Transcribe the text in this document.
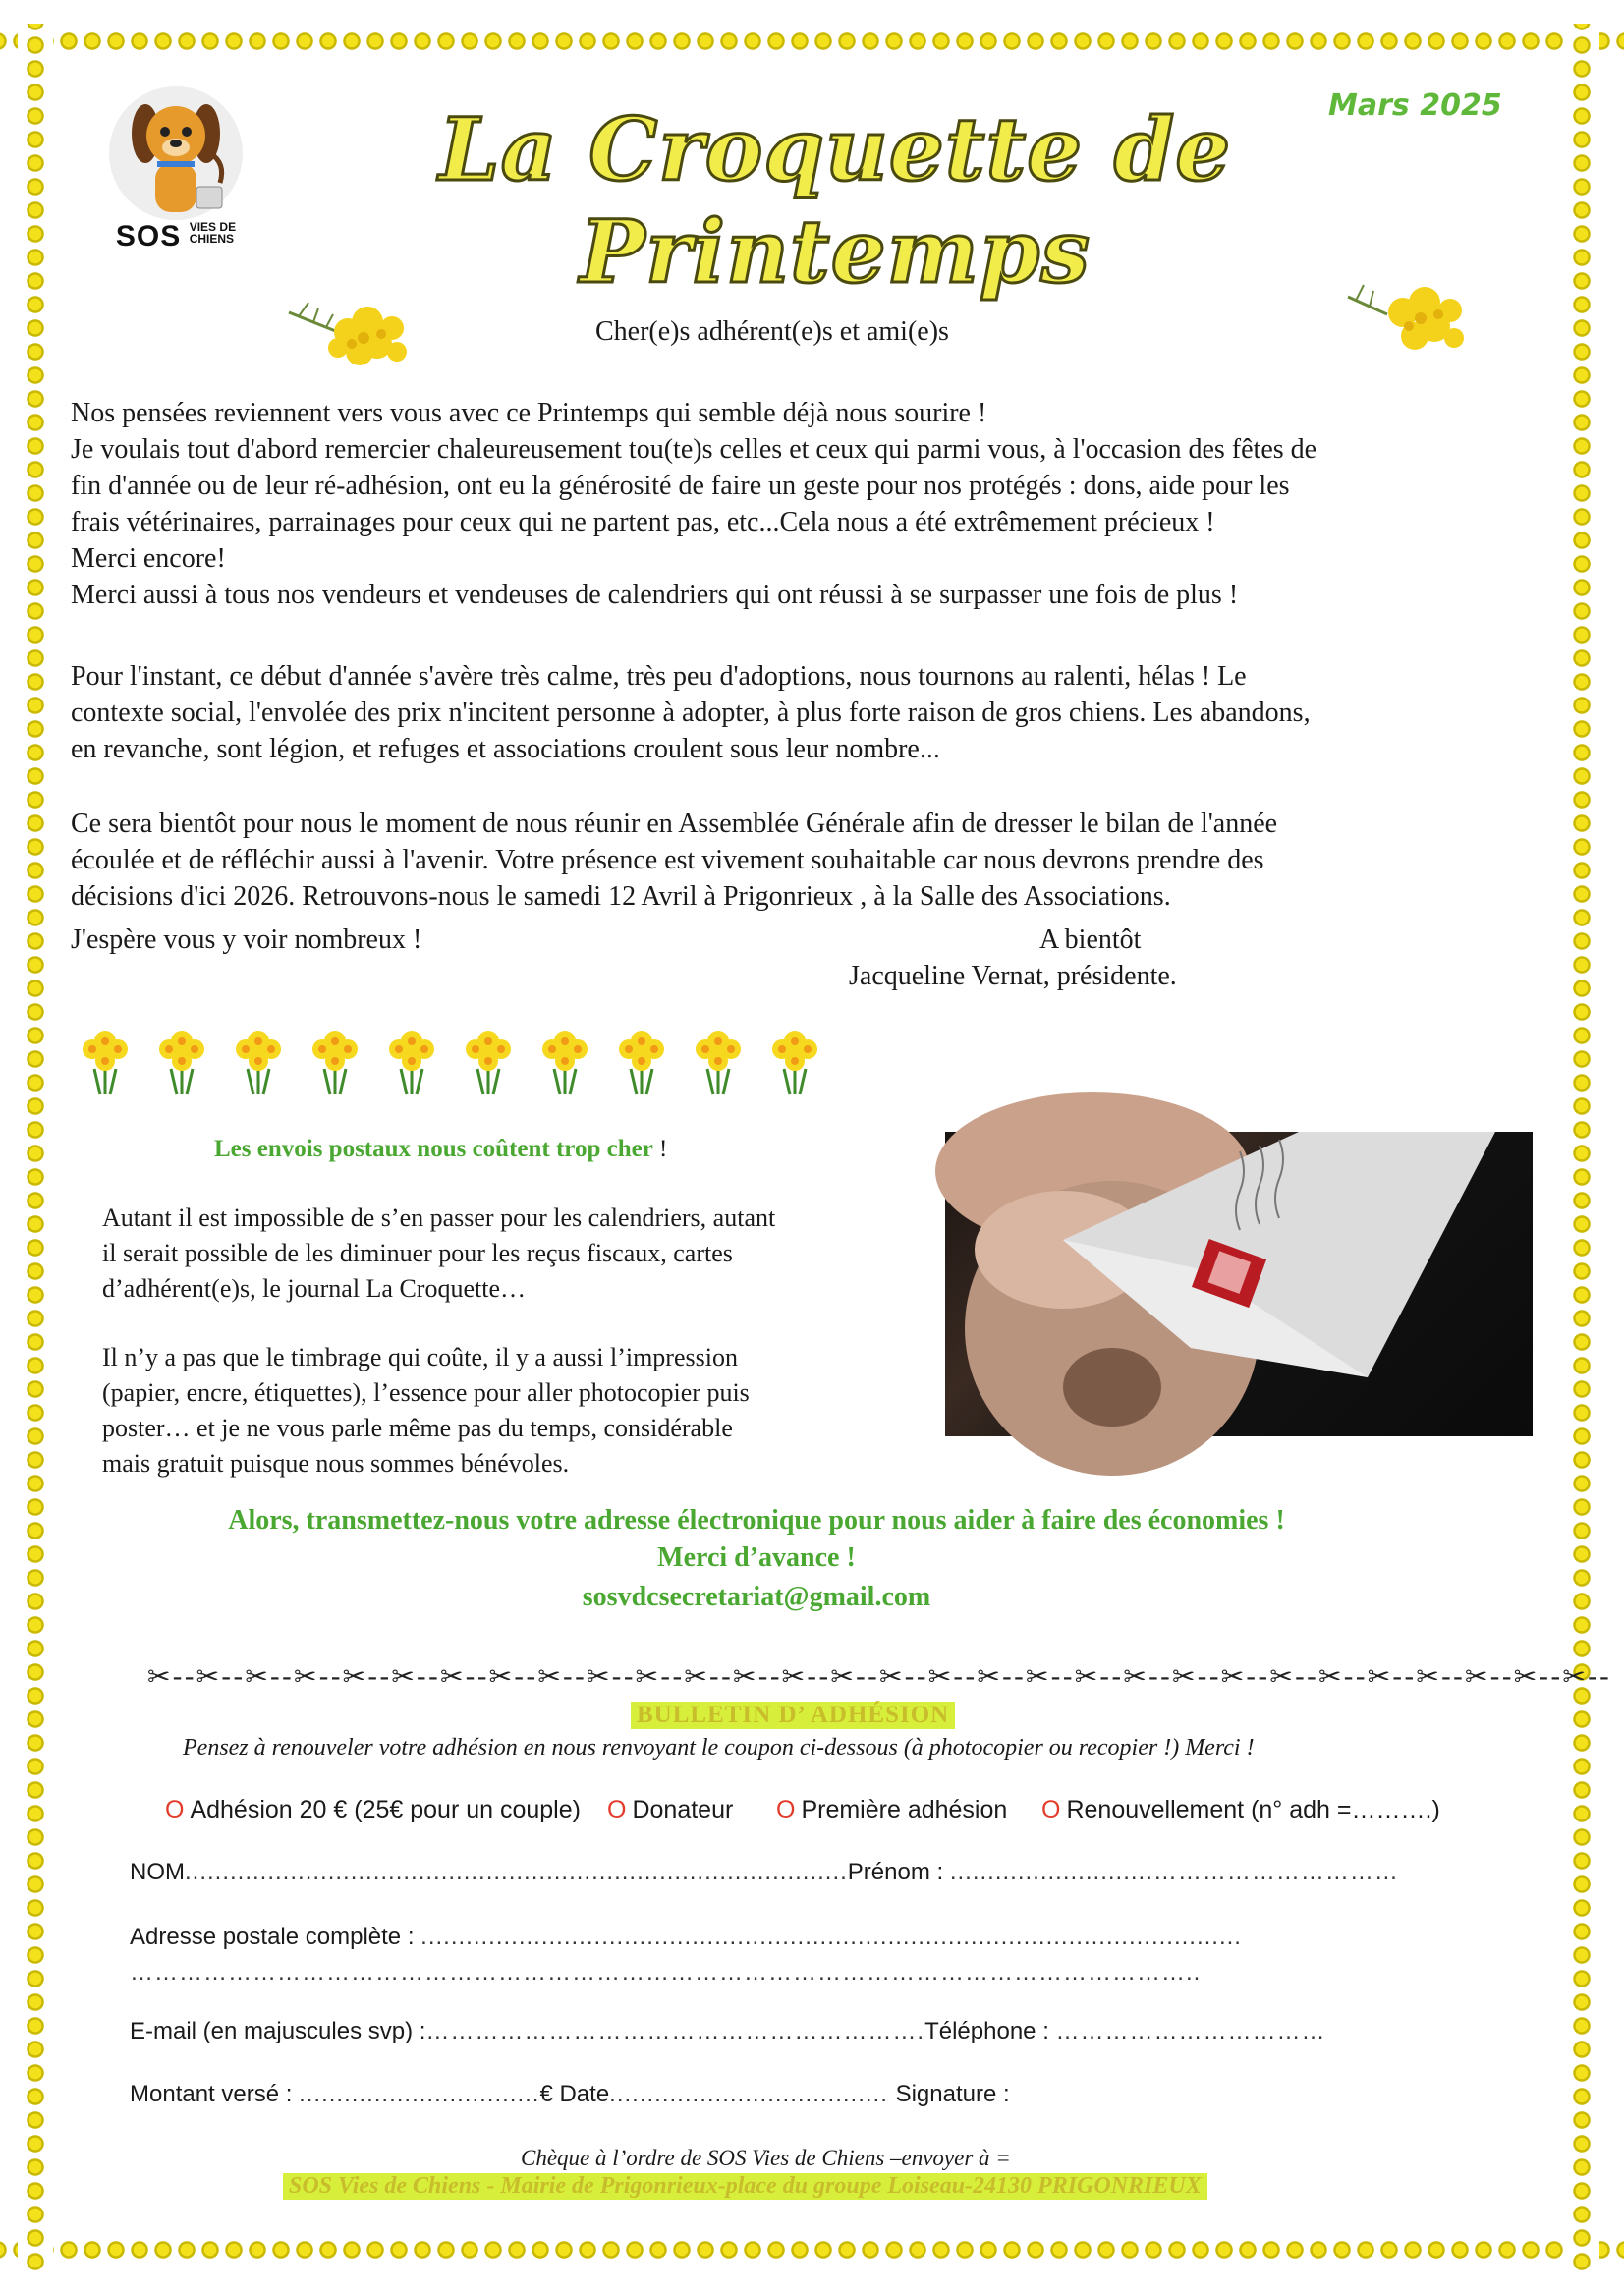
SOS VIES DE
CHIENS
La Croquette de Printemps
Mars 2025
Cher(e)s adhérent(e)s et ami(e)s
Nos pensées reviennent vers vous avec ce Printemps qui semble déjà nous sourire !
Je voulais tout d'abord remercier chaleureusement tou(te)s celles et ceux qui parmi vous, à l'occasion des fêtes de
fin d'année ou de leur ré-adhésion, ont eu la générosité de faire un geste pour nos protégés : dons, aide pour les
frais vétérinaires, parrainages pour ceux qui ne partent pas, etc...Cela nous a été extrêmement précieux !
Merci encore!
Merci aussi à tous nos vendeurs et vendeuses de calendriers qui ont réussi à se surpasser une fois de plus !
Pour l'instant, ce début d'année s'avère très calme, très peu d'adoptions, nous tournons au ralenti, hélas ! Le
contexte social, l'envolée des prix n'incitent personne à adopter, à plus forte raison de gros chiens. Les abandons,
en revanche, sont légion, et refuges et associations croulent sous leur nombre...
Ce sera bientôt pour nous le moment de nous réunir en Assemblée Générale afin de dresser le bilan de l'année
écoulée et de réfléchir aussi à l'avenir. Votre présence est vivement souhaitable car nous devrons prendre des
décisions d'ici 2026. Retrouvons-nous le samedi 12 Avril à Prigonrieux , à la Salle des Associations.
J'espère vous y voir nombreux !	A bientôt
Jacqueline Vernat, présidente.
Les envois postaux nous coûtent trop cher !
Autant il est impossible de s’en passer pour les calendriers, autant
il serait possible de les diminuer pour les reçus fiscaux, cartes
d’adhérent(e)s, le journal La Croquette…
Il n’y a pas que le timbrage qui coûte, il y a aussi l’impression
(papier, encre, étiquettes), l’essence pour aller photocopier puis
poster… et je ne vous parle même pas du temps, considérable
mais gratuit puisque nous sommes bénévoles.
Alors, transmettez-nous votre adresse électronique pour nous aider à faire des économies !
Merci d’avance !
sosvdcsecretariat@gmail.com
✂--✂--✂--✂--✂--✂--✂--✂--✂--✂--✂--✂--✂--✂--✂--✂--✂--✂--✂--✂--✂--✂--✂--✂--✂--✂--✂--✂--✂--✂--
BULLETIN D’ ADHÉSION
Pensez à renouveler votre adhésion en nous renvoyant le coupon ci-dessous (à photocopier ou recopier !) Merci !
O Adhésion 20 € (25€ pour un couple) O Donateur O Première adhésion O Renouvellement (n° adh =……….)
NOM........................................................................................Prénom : ...........................…………………………
Adresse postale complète : .............................................................................................................
…………………………………………………………………………………………………………………..
E-mail (en majuscules svp) :…………………………………………………….Téléphone : ……………………………
Montant versé : ................................€ Date..................................... Signature :
Chèque à l’ordre de SOS Vies de Chiens –envoyer à =
SOS Vies de Chiens - Mairie de Prigonrieux-place du groupe Loiseau-24130 PRIGONRIEUX
